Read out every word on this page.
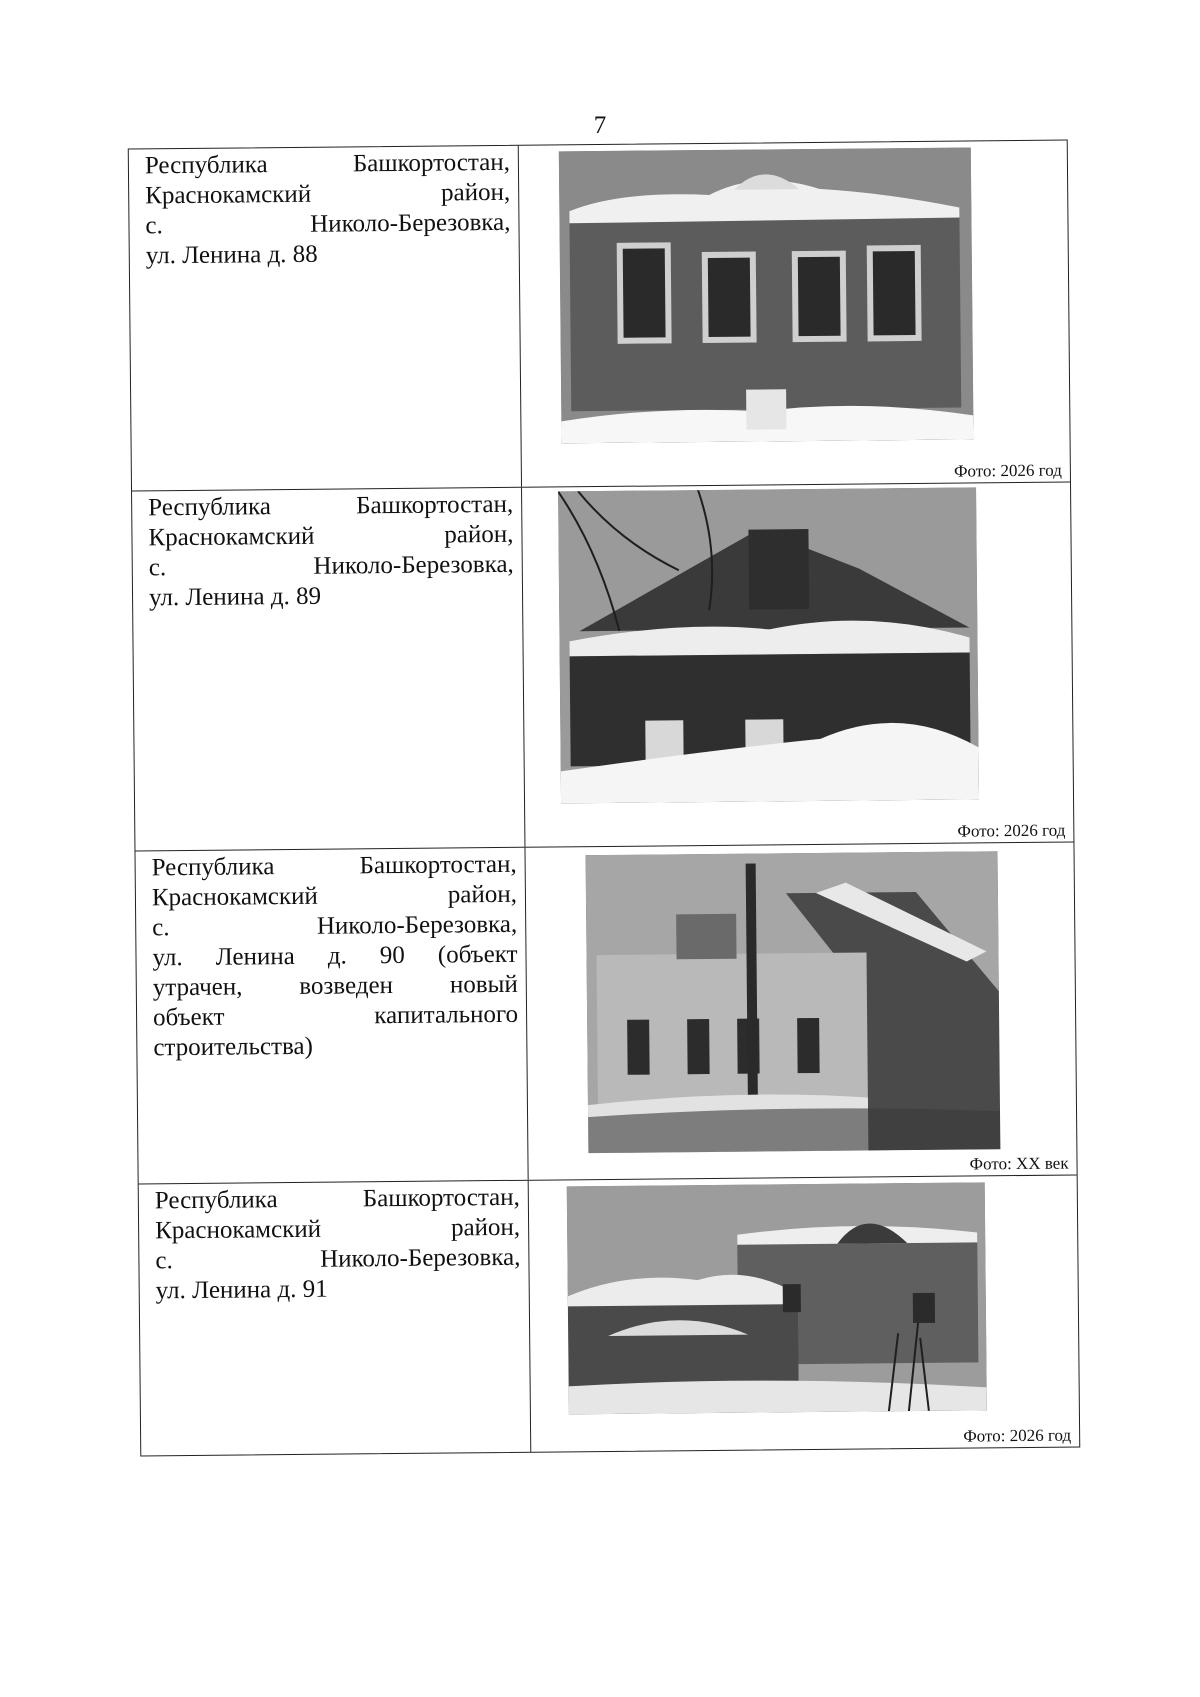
7
Республика Башкортостан,
Краснокамский район,
с. Николо-Березовка,
ул. Ленина д. 88
Фото: 2026 год
Республика Башкортостан,
Краснокамский район,
с. Николо-Березовка,
ул. Ленина д. 89
Фото: 2026 год
Республика Башкортостан,
Краснокамский район,
с. Николо-Березовка,
ул. Ленина д. 90 (объект
утрачен, возведен новый
объект капитального
строительства)
Фото: XX век
Республика Башкортостан,
Краснокамский район,
с. Николо-Березовка,
ул. Ленина д. 91
Фото: 2026 год
